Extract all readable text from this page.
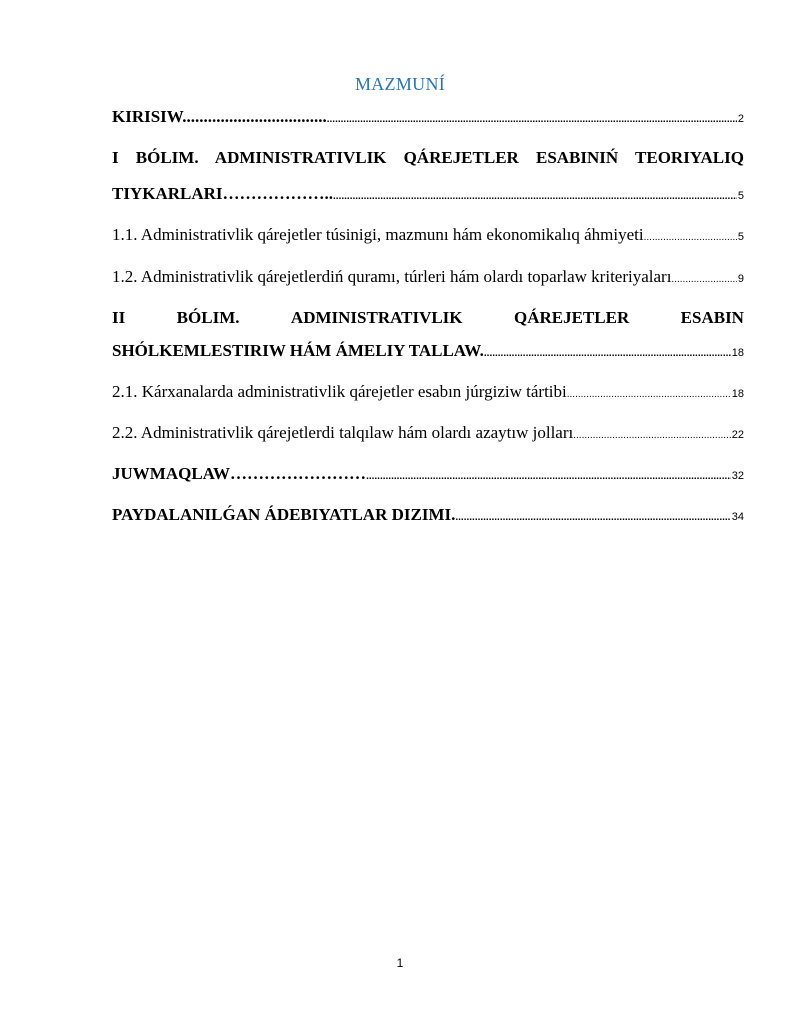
MAZMUNÍ
KIRISIW.................................. .....	2
I BÓLIM. ADMINISTRATIVLIK QÁREJETLER ESABINIŃ TEORIYALIQ
TIYKARLARI……………….. .....	5
1.1. Administrativlik qárejetler túsinigi, mazmunı hám ekonomikalıq áhmiyeti .....	5
1.2. Administrativlik qárejetlerdiń quramı, túrleri hám olardı toparlaw kriteriyaları .....	9
II	BÓLIM.	ADMINISTRATIVLIK	QÁREJETLER	ESABIN
SHÓLKEMLESTIRIW HÁM ÁMELIY TALLAW. .....	18
2.1. Kárxanalarda administrativlik qárejetler esabın júrgiziw tártibi .....	18
2.2. Administrativlik qárejetlerdi talqılaw hám olardı azaytıw jolları .....	22
JUWMAQLAW…………………… .....	32
PAYDALANILǴAN ÁDEBIYATLAR DIZIMI. .....	34
1
